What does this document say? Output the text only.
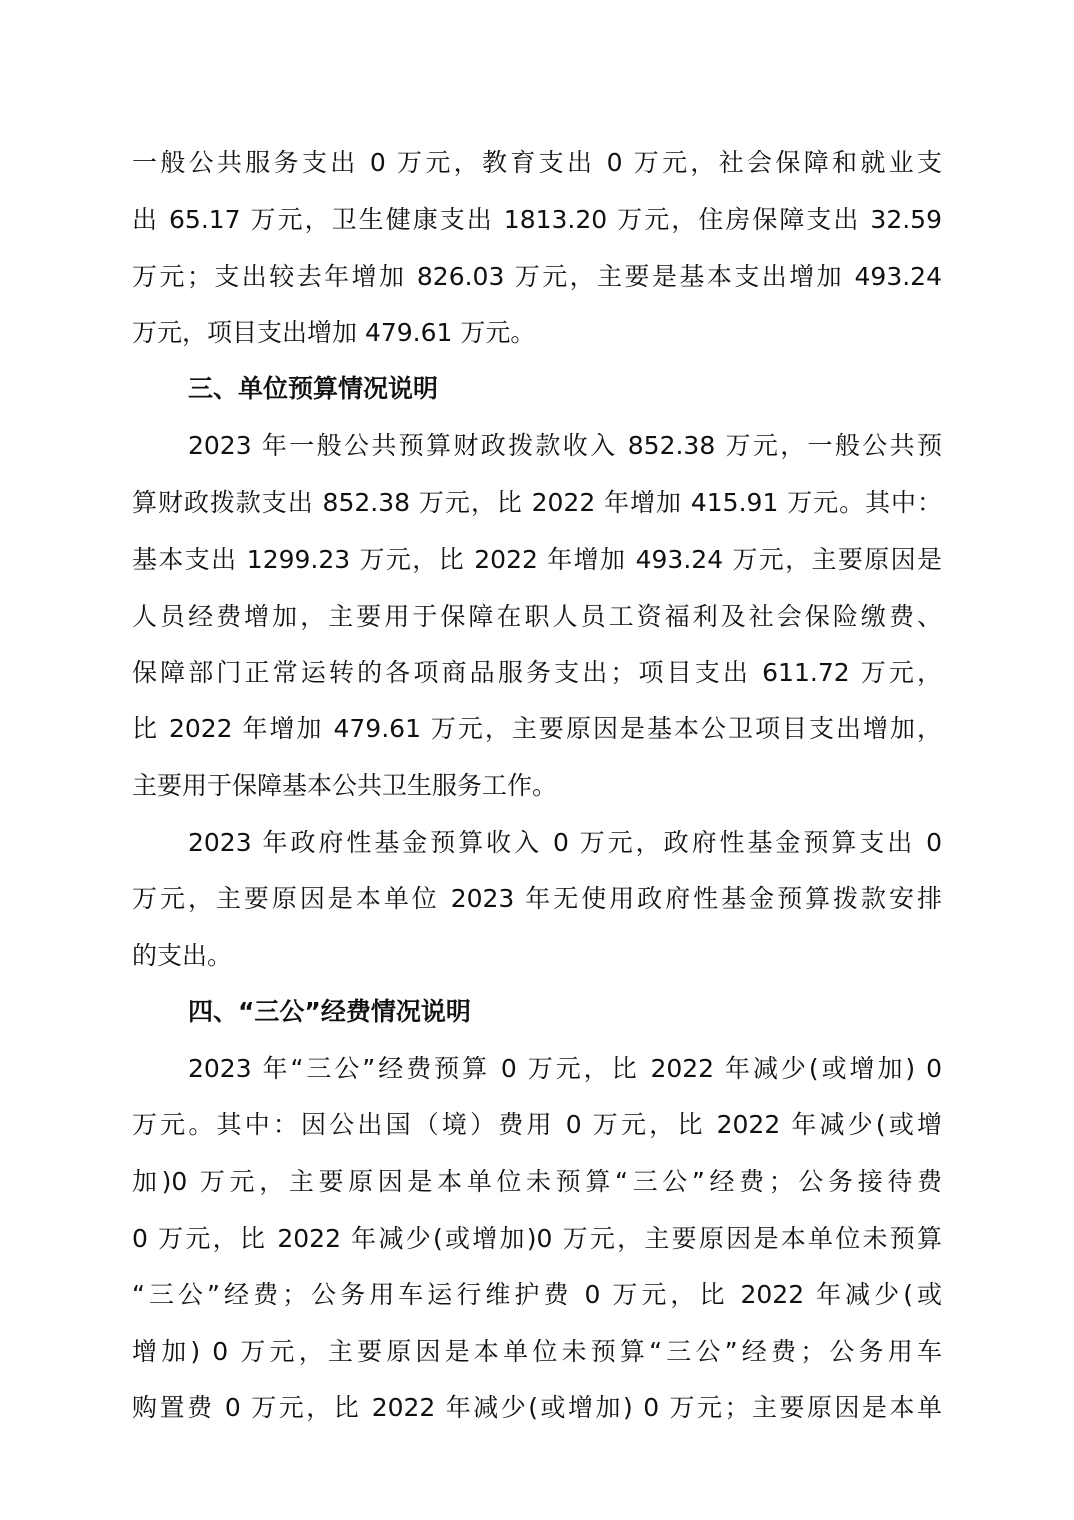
一般公共服务支出 0 万元，教育支出 0 万元，社会保障和就业支
出 65.17 万元，卫生健康支出 1813.20 万元，住房保障支出 32.59
万元；支出较去年增加 826.03 万元，主要是基本支出增加 493.24
万元，项目支出增加 479.61 万元。
三、单位预算情况说明
2023 年一般公共预算财政拨款收入 852.38 万元，一般公共预
算财政拨款支出 852.38 万元，比 2022 年增加 415.91 万元。其中：
基本支出 1299.23 万元，比 2022 年增加 493.24 万元，主要原因是
人员经费增加，主要用于保障在职人员工资福利及社会保险缴费、
保障部门正常运转的各项商品服务支出；项目支出 611.72 万元，
比 2022 年增加 479.61 万元，主要原因是基本公卫项目支出增加，
主要用于保障基本公共卫生服务工作。
2023 年政府性基金预算收入 0 万元，政府性基金预算支出 0
万元，主要原因是本单位 2023 年无使用政府性基金预算拨款安排
的支出。
四、“三公”经费情况说明
2023 年“三公”经费预算 0 万元，比 2022 年减少(或增加) 0
万元。其中：因公出国（境）费用 0 万元，比 2022 年减少(或增
加)0 万元，主要原因是本单位未预算“三公”经费；公务接待费
0 万元，比 2022 年减少(或增加)0 万元，主要原因是本单位未预算
“三公”经费；公务用车运行维护费 0 万元，比 2022 年减少(或
增加) 0 万元，主要原因是本单位未预算“三公”经费；公务用车
购置费 0 万元，比 2022 年减少(或增加) 0 万元；主要原因是本单
